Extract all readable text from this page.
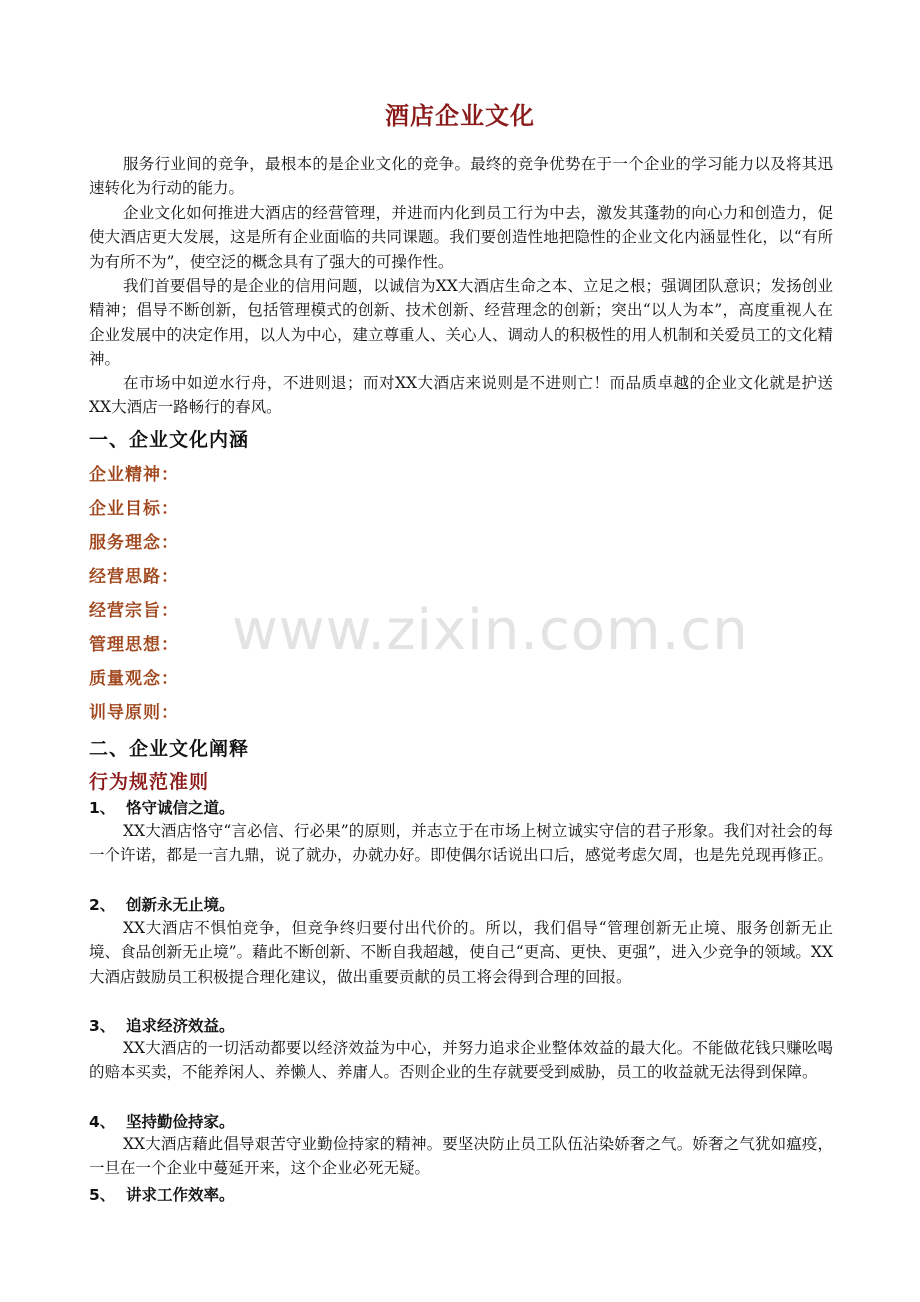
www.zixin.com.cn
酒店企业文化

服务行业间的竞争，最根本的是企业文化的竞争。最终的竞争优势在于一个企业的学习能力以及将其迅速转化为行动的能力。

企业文化如何推进大酒店的经营管理，并进而内化到员工行为中去，激发其蓬勃的向心力和创造力，促使大酒店更大发展，这是所有企业面临的共同课题。我们要创造性地把隐性的企业文化内涵显性化，以“有所为有所不为”，使空泛的概念具有了强大的可操作性。

我们首要倡导的是企业的信用问题，以诚信为XX大酒店生命之本、立足之根；强调团队意识；发扬创业精神；倡导不断创新，包括管理模式的创新、技术创新、经营理念的创新；突出“以人为本”，高度重视人在企业发展中的决定作用，以人为中心，建立尊重人、关心人、调动人的积极性的用人机制和关爱员工的文化精神。

在市场中如逆水行舟，不进则退；而对XX大酒店来说则是不进则亡！而品质卓越的企业文化就是护送XX大酒店一路畅行的春风。

一、企业文化内涵
企业精神：
企业目标：
服务理念：
经营思路：
经营宗旨：
管理思想：
质量观念：
训导原则：
二、企业文化阐释
行为规范准则
1、 恪守诚信之道。

XX大酒店恪守“言必信、行必果”的原则，并志立于在市场上树立诚实守信的君子形象。我们对社会的每一个许诺，都是一言九鼎，说了就办，办就办好。即使偶尔话说出口后，感觉考虑欠周，也是先兑现再修正。

2、 创新永无止境。

XX大酒店不惧怕竞争，但竞争终归要付出代价的。所以，我们倡导“管理创新无止境、服务创新无止境、食品创新无止境”。藉此不断创新、不断自我超越，使自己“更高、更快、更强”，进入少竞争的领域。XX大酒店鼓励员工积极提合理化建议，做出重要贡献的员工将会得到合理的回报。

3、 追求经济效益。

XX大酒店的一切活动都要以经济效益为中心，并努力追求企业整体效益的最大化。不能做花钱只赚吆喝的赔本买卖，不能养闲人、养懒人、养庸人。否则企业的生存就要受到威胁，员工的收益就无法得到保障。

4、 坚持勤俭持家。

XX大酒店藉此倡导艰苦守业勤俭持家的精神。要坚决防止员工队伍沾染娇奢之气。娇奢之气犹如瘟疫，一旦在一个企业中蔓延开来，这个企业必死无疑。

5、 讲求工作效率。
